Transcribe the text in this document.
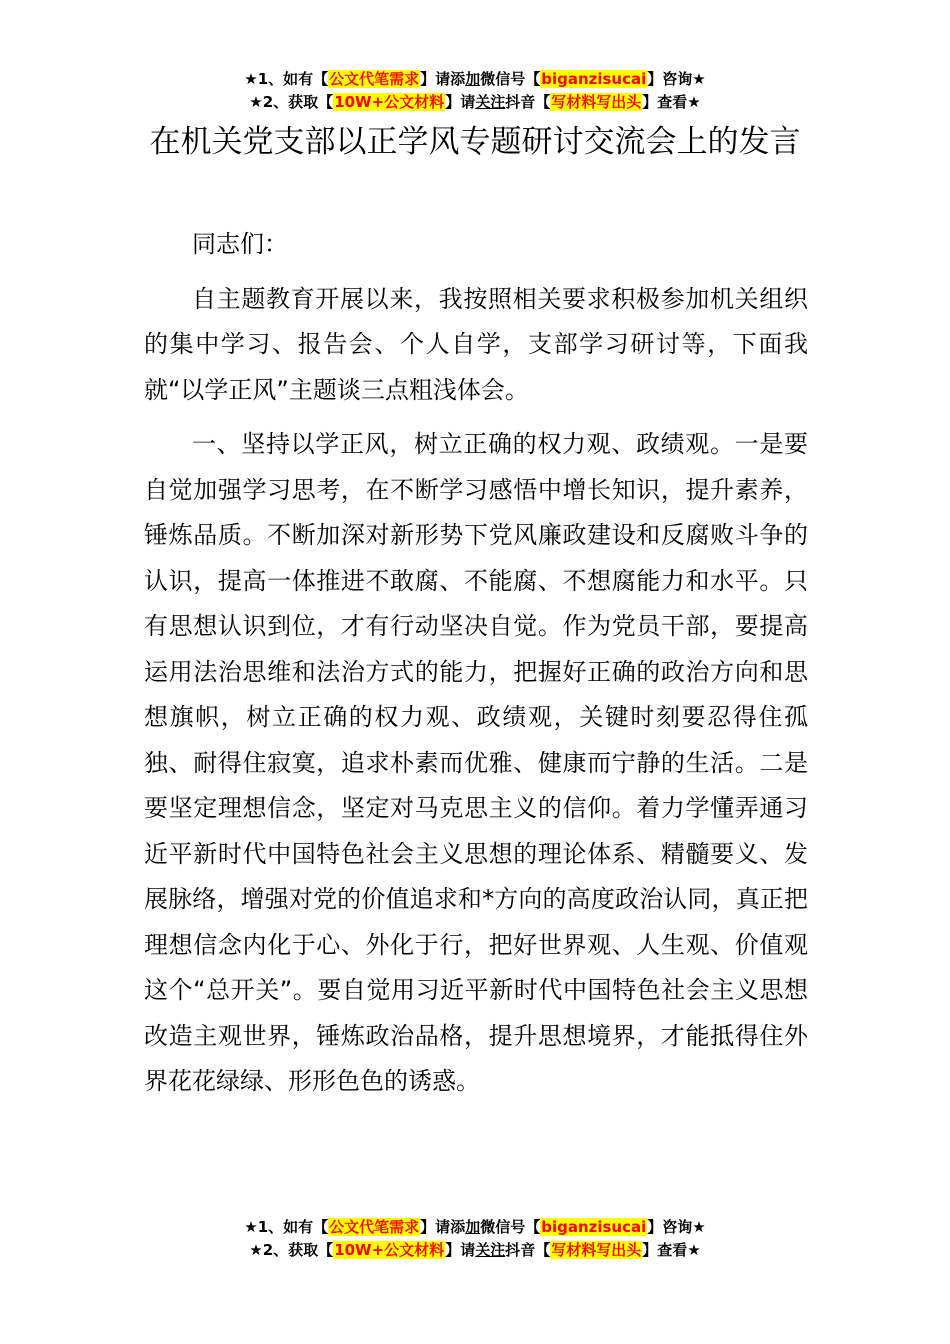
★1、如有【公文代笔需求】请添加微信号【biganzisucai】咨询★
★2、获取【10W+公文材料】请关注抖音【写材料写出头】查看★
在机关党支部以正学风专题研讨交流会上的发言

同志们：

自主题教育开展以来，我按照相关要求积极参加机关组织的集中学习、报告会、个人自学，支部学习研讨等，下面我就“以学正风”主题谈三点粗浅体会。

一、坚持以学正风，树立正确的权力观、政绩观。一是要自觉加强学习思考，在不断学习感悟中增长知识，提升素养，锤炼品质。不断加深对新形势下党风廉政建设和反腐败斗争的认识，提高一体推进不敢腐、不能腐、不想腐能力和水平。只有思想认识到位，才有行动坚决自觉。作为党员干部，要提高运用法治思维和法治方式的能力，把握好正确的政治方向和思想旗帜，树立正确的权力观、政绩观，关键时刻要忍得住孤独、耐得住寂寞，追求朴素而优雅、健康而宁静的生活。二是要坚定理想信念，坚定对马克思主义的信仰。着力学懂弄通习近平新时代中国特色社会主义思想的理论体系、精髓要义、发展脉络，增强对党的价值追求和*方向的高度政治认同，真正把理想信念内化于心、外化于行，把好世界观、人生观、价值观这个“总开关”。要自觉用习近平新时代中国特色社会主义思想改造主观世界，锤炼政治品格，提升思想境界，才能抵得住外界花花绿绿、形形色色的诱惑。

★1、如有【公文代笔需求】请添加微信号【biganzisucai】咨询★
★2、获取【10W+公文材料】请关注抖音【写材料写出头】查看★
